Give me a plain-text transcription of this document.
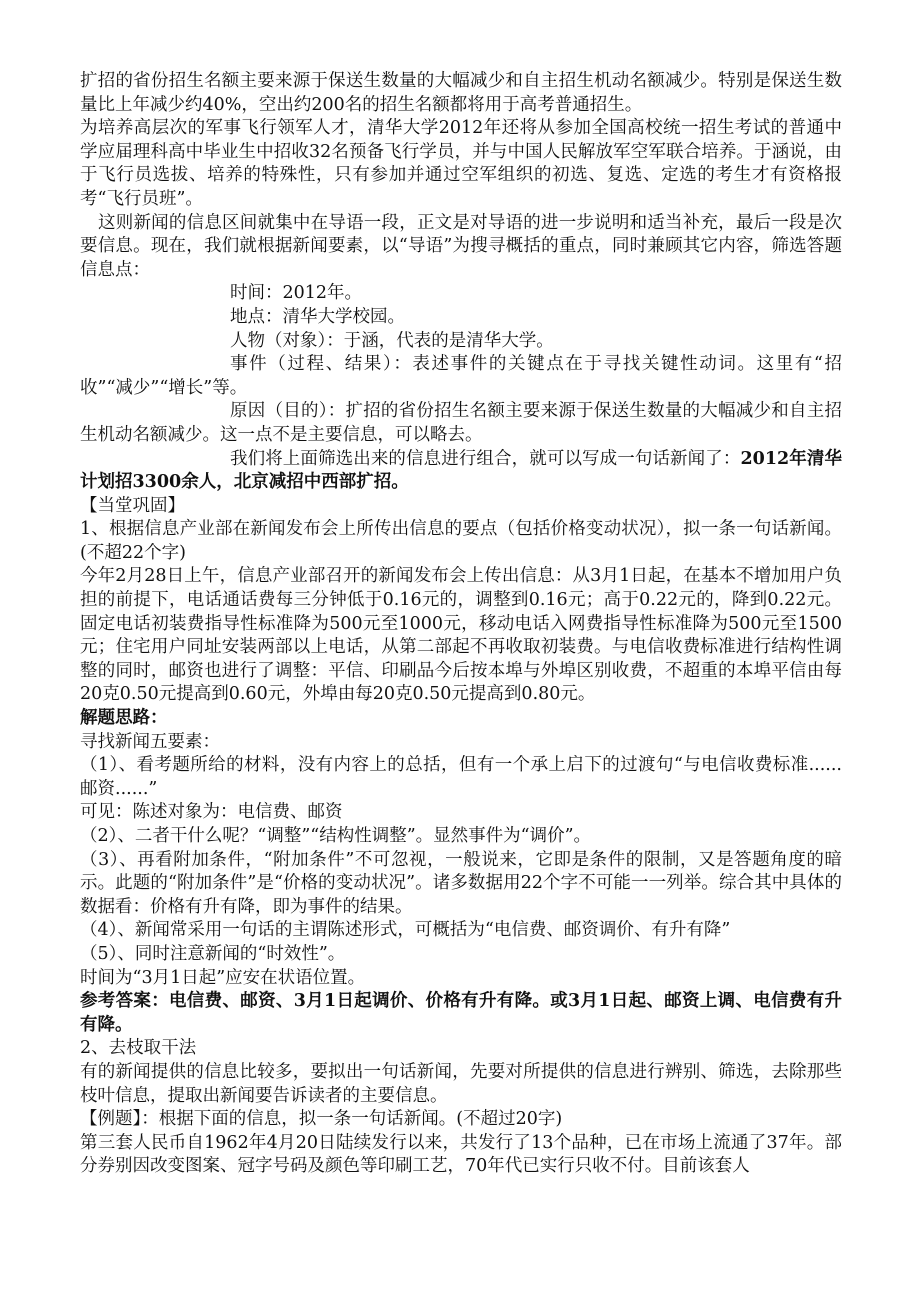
扩招的省份招生名额主要来源于保送生数量的大幅减少和自主招生机动名额减少。特别是保送生数量比上年减少约40%，空出约200名的招生名额都将用于高考普通招生。

为培养高层次的军事飞行领军人才，清华大学2012年还将从参加全国高校统一招生考试的普通中学应届理科高中毕业生中招收32名预备飞行学员，并与中国人民解放军空军联合培养。于涵说，由于飞行员选拔、培养的特殊性，只有参加并通过空军组织的初选、复选、定选的考生才有资格报考“飞行员班”。

这则新闻的信息区间就集中在导语一段，正文是对导语的进一步说明和适当补充，最后一段是次要信息。现在，我们就根据新闻要素，以“导语”为搜寻概括的重点，同时兼顾其它内容，筛选答题信息点：

时间：2012年。

地点：清华大学校园。

人物（对象）：于涵，代表的是清华大学。

事件（过程、结果）：表述事件的关键点在于寻找关键性动词。这里有“招收”“减少”“增长”等。

原因（目的）：扩招的省份招生名额主要来源于保送生数量的大幅减少和自主招生机动名额减少。这一点不是主要信息，可以略去。

我们将上面筛选出来的信息进行组合，就可以写成一句话新闻了：2012年清华计划招3300余人，北京减招中西部扩招。

【当堂巩固】

1、根据信息产业部在新闻发布会上所传出信息的要点（包括价格变动状况），拟一条一句话新闻。(不超22个字)

今年2月28日上午，信息产业部召开的新闻发布会上传出信息：从3月1日起，在基本不增加用户负担的前提下，电话通话费每三分钟低于0.16元的，调整到0.16元；高于0.22元的，降到0.22元。固定电话初装费指导性标准降为500元至1000元，移动电话入网费指导性标准降为500元至1500元；住宅用户同址安装两部以上电话，从第二部起不再收取初装费。与电信收费标准进行结构性调整的同时，邮资也进行了调整：平信、印刷品今后按本埠与外埠区别收费，不超重的本埠平信由每20克0.50元提高到0.60元，外埠由每20克0.50元提高到0.80元。

解题思路：

寻找新闻五要素：

（1）、看考题所给的材料，没有内容上的总括，但有一个承上启下的过渡句“与电信收费标准......邮资......”

可见：陈述对象为：电信费、邮资

（2）、二者干什么呢？“调整”“结构性调整”。显然事件为“调价”。

（3）、再看附加条件，“附加条件”不可忽视，一般说来，它即是条件的限制，又是答题角度的暗示。此题的“附加条件”是“价格的变动状况”。诸多数据用22个字不可能一一列举。综合其中具体的数据看：价格有升有降，即为事件的结果。

（4）、新闻常采用一句话的主谓陈述形式，可概括为“电信费、邮资调价、有升有降”

（5）、同时注意新闻的“时效性”。

时间为“3月1日起”应安在状语位置。

参考答案：电信费、邮资、3月1日起调价、价格有升有降。或3月1日起、邮资上调、电信费有升有降。

2、去枝取干法

有的新闻提供的信息比较多，要拟出一句话新闻，先要对所提供的信息进行辨别、筛选，去除那些枝叶信息，提取出新闻要告诉读者的主要信息。

【例题】：根据下面的信息，拟一条一句话新闻。(不超过20字)

第三套人民币自1962年4月20日陆续发行以来，共发行了13个品种，已在市场上流通了37年。部分券别因改变图案、冠字号码及颜色等印刷工艺，70年代已实行只收不付。目前该套人
